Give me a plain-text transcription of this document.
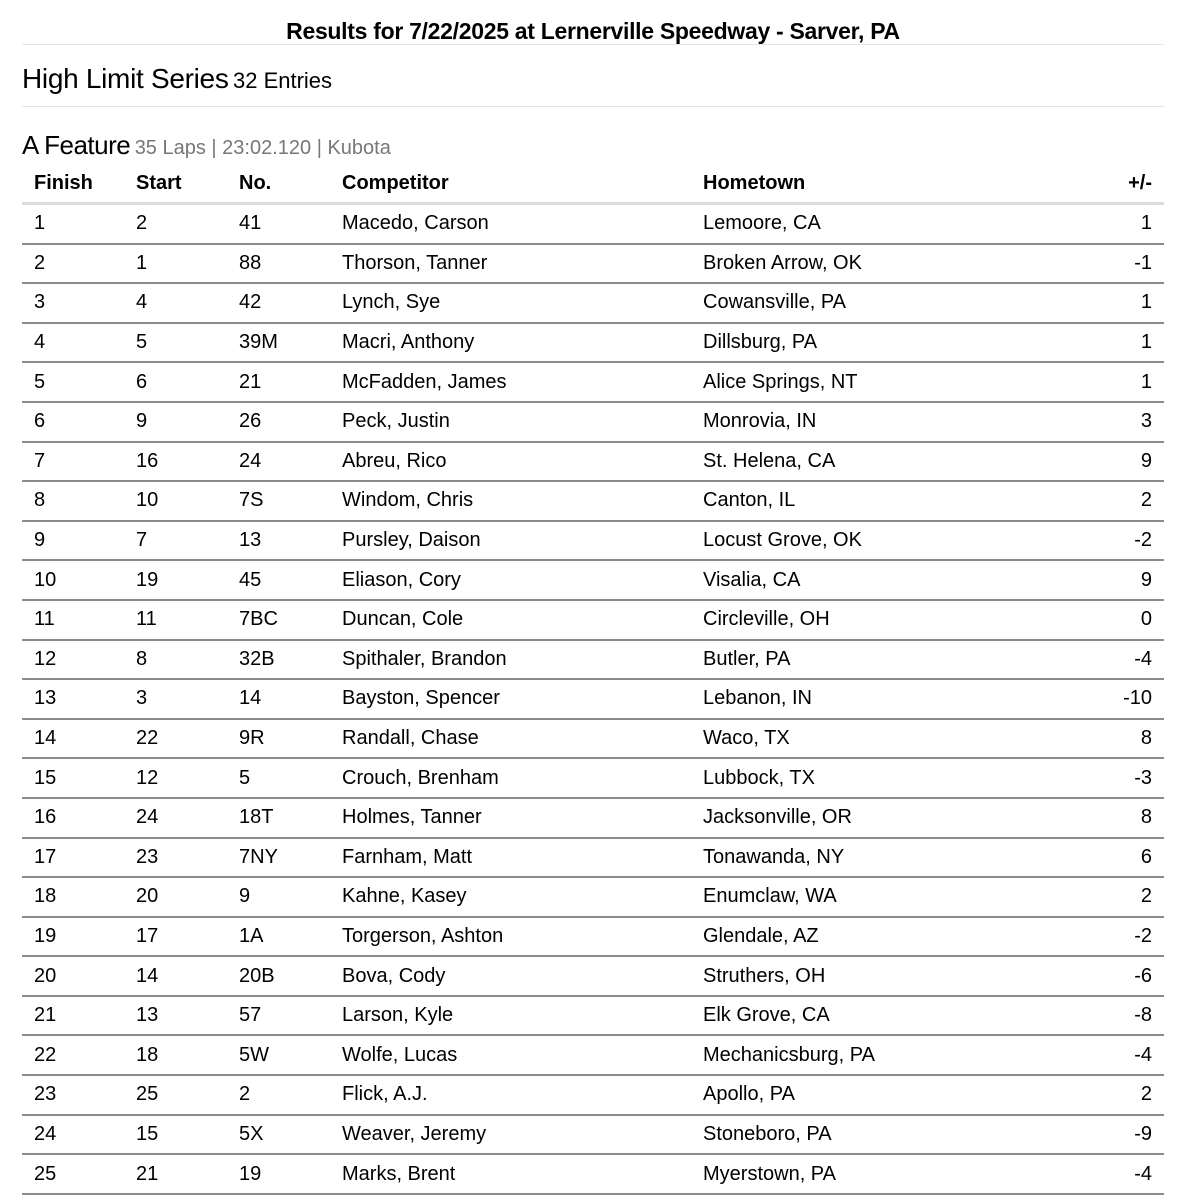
Results for 7/22/2025 at Lernerville Speedway - Sarver, PA
High Limit Series 32 Entries
A Feature 35 Laps | 23:02.120 | Kubota
Finish	Start	No.	Competitor	Hometown	+/-
1	2	41	Macedo, Carson	Lemoore, CA	1
2	1	88	Thorson, Tanner	Broken Arrow, OK	-1
3	4	42	Lynch, Sye	Cowansville, PA	1
4	5	39M	Macri, Anthony	Dillsburg, PA	1
5	6	21	McFadden, James	Alice Springs, NT	1
6	9	26	Peck, Justin	Monrovia, IN	3
7	16	24	Abreu, Rico	St. Helena, CA	9
8	10	7S	Windom, Chris	Canton, IL	2
9	7	13	Pursley, Daison	Locust Grove, OK	-2
10	19	45	Eliason, Cory	Visalia, CA	9
11	11	7BC	Duncan, Cole	Circleville, OH	0
12	8	32B	Spithaler, Brandon	Butler, PA	-4
13	3	14	Bayston, Spencer	Lebanon, IN	-10
14	22	9R	Randall, Chase	Waco, TX	8
15	12	5	Crouch, Brenham	Lubbock, TX	-3
16	24	18T	Holmes, Tanner	Jacksonville, OR	8
17	23	7NY	Farnham, Matt	Tonawanda, NY	6
18	20	9	Kahne, Kasey	Enumclaw, WA	2
19	17	1A	Torgerson, Ashton	Glendale, AZ	-2
20	14	20B	Bova, Cody	Struthers, OH	-6
21	13	57	Larson, Kyle	Elk Grove, CA	-8
22	18	5W	Wolfe, Lucas	Mechanicsburg, PA	-4
23	25	2	Flick, A.J.	Apollo, PA	2
24	15	5X	Weaver, Jeremy	Stoneboro, PA	-9
25	21	19	Marks, Brent	Myerstown, PA	-4
